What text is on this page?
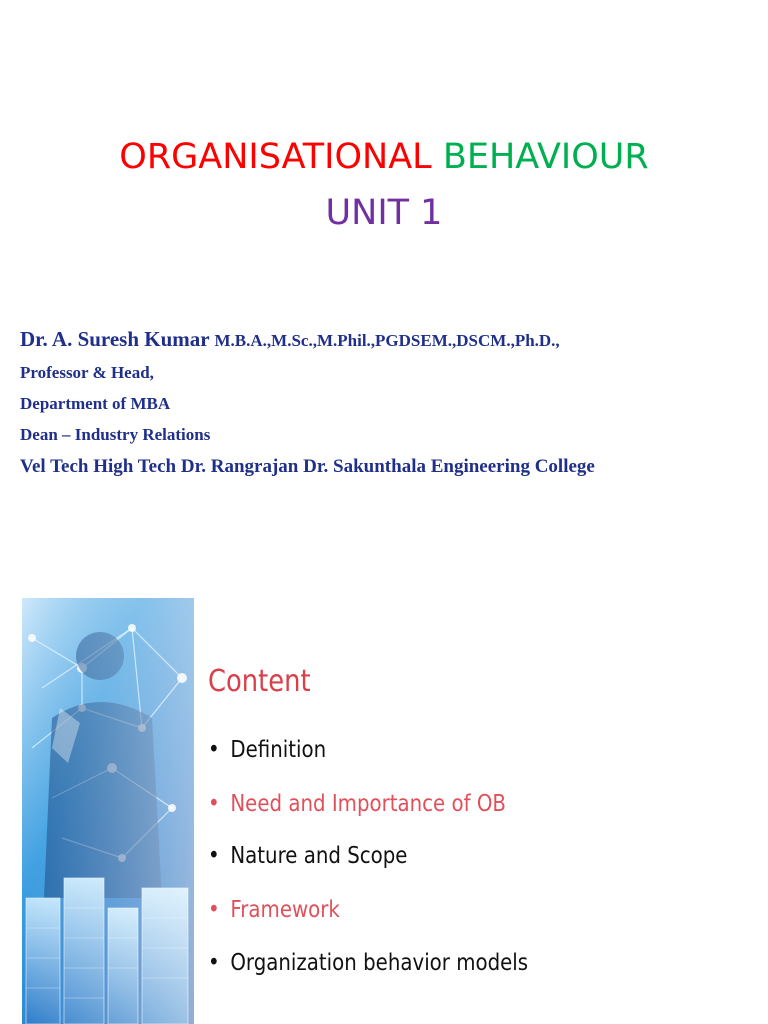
ORGANISATIONAL BEHAVIOUR
UNIT 1
Dr. A. Suresh Kumar M.B.A.,M.Sc.,M.Phil.,PGDSEM.,DSCM.,Ph.D.,
Professor & Head,
Department of MBA
Dean – Industry Relations
Vel Tech High Tech Dr. Rangrajan Dr. Sakunthala Engineering College
Content
• Definition
• Need and Importance of OB
• Nature and Scope
• Framework
• Organization behavior models
